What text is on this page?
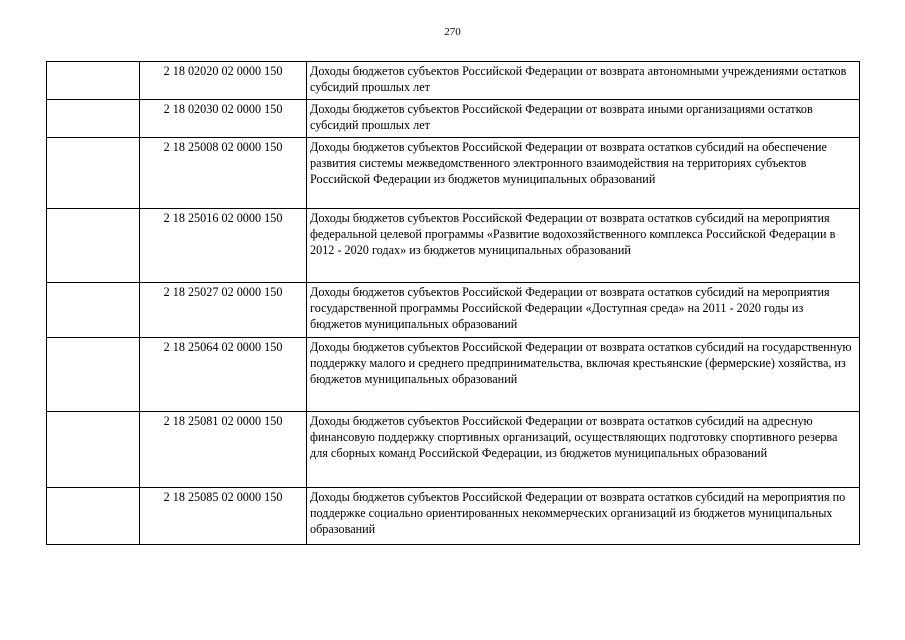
270
	2 18 02020 02 0000 150	Доходы бюджетов субъектов Российской Федерации от возврата автономными учреждениями остатков субсидий прошлых лет
	2 18 02030 02 0000 150	Доходы бюджетов субъектов Российской Федерации от возврата иными организациями остатков субсидий прошлых лет
	2 18 25008 02 0000 150	Доходы бюджетов субъектов Российской Федерации от возврата остатков субсидий на обеспечение развития системы межведомственного электронного взаимодействия на территориях субъектов Российской Федерации из бюджетов муниципальных образований
	2 18 25016 02 0000 150	Доходы бюджетов субъектов Российской Федерации от возврата остатков субсидий на мероприятия федеральной целевой программы «Развитие водохозяйственного комплекса Российской Федерации в 2012 - 2020 годах» из бюджетов муниципальных образований
	2 18 25027 02 0000 150	Доходы бюджетов субъектов Российской Федерации от возврата остатков субсидий на мероприятия государственной программы Российской Федерации «Доступная среда» на 2011 - 2020 годы из бюджетов муниципальных образований
	2 18 25064 02 0000 150	Доходы бюджетов субъектов Российской Федерации от возврата остатков субсидий на государственную поддержку малого и среднего предпринимательства, включая крестьянские (фермерские) хозяйства, из бюджетов муниципальных образований
	2 18 25081 02 0000 150	Доходы бюджетов субъектов Российской Федерации от возврата остатков субсидий на адресную финансовую поддержку спортивных организаций, осуществляющих подготовку спортивного резерва для сборных команд Российской Федерации, из бюджетов муниципальных образований
	2 18 25085 02 0000 150	Доходы бюджетов субъектов Российской Федерации от возврата остатков субсидий на мероприятия по поддержке социально ориентированных некоммерческих организаций из бюджетов муниципальных образований
